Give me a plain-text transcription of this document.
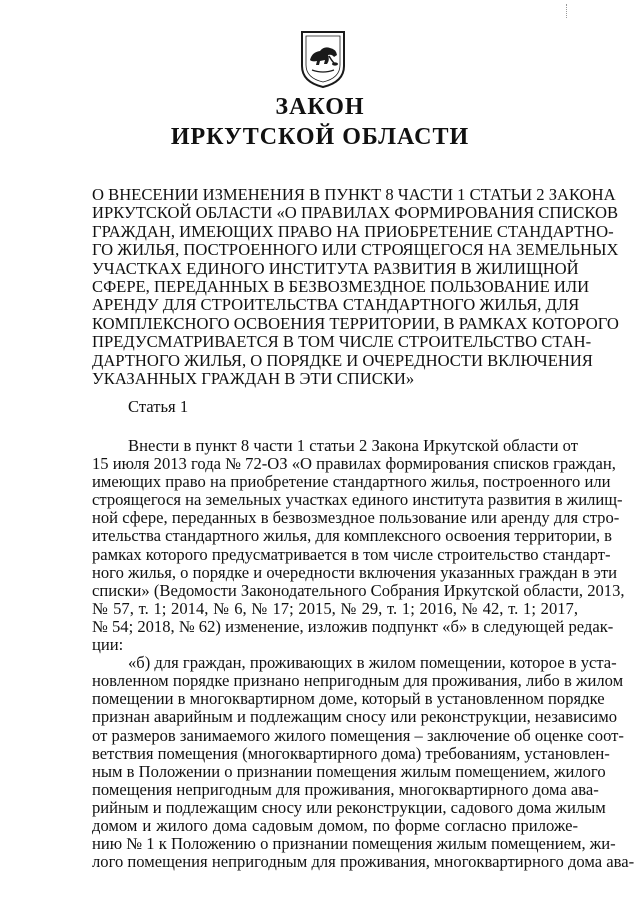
ЗАКОН
ИРКУТСКОЙ ОБЛАСТИ
О ВНЕСЕНИИ ИЗМЕНЕНИЯ В ПУНКТ 8 ЧАСТИ 1 СТАТЬИ 2 ЗАКОНА
ИРКУТСКОЙ ОБЛАСТИ «О ПРАВИЛАХ ФОРМИРОВАНИЯ СПИСКОВ
ГРАЖДАН, ИМЕЮЩИХ ПРАВО НА ПРИОБРЕТЕНИЕ СТАНДАРТНО-
ГО ЖИЛЬЯ, ПОСТРОЕННОГО ИЛИ СТРОЯЩЕГОСЯ НА ЗЕМЕЛЬНЫХ
УЧАСТКАХ ЕДИНОГО ИНСТИТУТА РАЗВИТИЯ В ЖИЛИЩНОЙ
СФЕРЕ, ПЕРЕДАННЫХ В БЕЗВОЗМЕЗДНОЕ ПОЛЬЗОВАНИЕ ИЛИ
АРЕНДУ ДЛЯ СТРОИТЕЛЬСТВА СТАНДАРТНОГО ЖИЛЬЯ, ДЛЯ
КОМПЛЕКСНОГО ОСВОЕНИЯ ТЕРРИТОРИИ, В РАМКАХ КОТОРОГО
ПРЕДУСМАТРИВАЕТСЯ В ТОМ ЧИСЛЕ СТРОИТЕЛЬСТВО СТАН-
ДАРТНОГО ЖИЛЬЯ, О ПОРЯДКЕ И ОЧЕРЕДНОСТИ ВКЛЮЧЕНИЯ
УКАЗАННЫХ ГРАЖДАН В ЭТИ СПИСКИ»
Статья 1
Внести в пункт 8 части 1 статьи 2 Закона Иркутской области от
15 июля 2013 года № 72-ОЗ «О правилах формирования списков граждан,
имеющих право на приобретение стандартного жилья, построенного или
строящегося на земельных участках единого института развития в жилищ-
ной сфере, переданных в безвозмездное пользование или аренду для стро-
ительства стандартного жилья, для комплексного освоения территории, в
рамках которого предусматривается в том числе строительство стандарт-
ного жилья, о порядке и очередности включения указанных граждан в эти
списки» (Ведомости Законодательного Собрания Иркутской области, 2013,
№ 57, т. 1; 2014, № 6, № 17; 2015, № 29, т. 1; 2016, № 42, т. 1; 2017,
№ 54; 2018, № 62) изменение, изложив подпункт «б» в следующей редак-
ции:
«б) для граждан, проживающих в жилом помещении, которое в уста-
новленном порядке признано непригодным для проживания, либо в жилом
помещении в многоквартирном доме, который в установленном порядке
признан аварийным и подлежащим сносу или реконструкции, независимо
от размеров занимаемого жилого помещения – заключение об оценке соот-
ветствия помещения (многоквартирного дома) требованиям, установлен-
ным в Положении о признании помещения жилым помещением, жилого
помещения непригодным для проживания, многоквартирного дома ава-
рийным и подлежащим сносу или реконструкции, садового дома жилым
домом и жилого дома садовым домом, по форме согласно приложе-
нию № 1 к Положению о признании помещения жилым помещением, жи-
лого помещения непригодным для проживания, многоквартирного дома ава-
